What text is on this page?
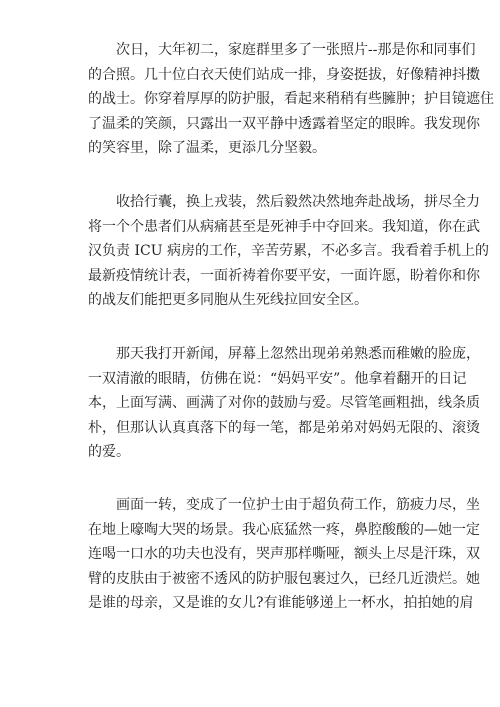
次日，大年初二，家庭群里多了一张照片--那是你和同事们
的合照。几十位白衣天使们站成一排，身姿挺拔，好像精神抖擞
的战士。你穿着厚厚的防护服，看起来稍稍有些臃肿；护目镜遮住
了温柔的笑颜，只露出一双平静中透露着坚定的眼眸。我发现你
的笑容里，除了温柔，更添几分坚毅。
收拾行囊，换上戎装，然后毅然决然地奔赴战场，拼尽全力
将一个个患者们从病痛甚至是死神手中夺回来。我知道，你在武
汉负责 ICU 病房的工作，辛苦劳累，不必多言。我看着手机上的
最新疫情统计表，一面祈祷着你要平安，一面许愿，盼着你和你
的战友们能把更多同胞从生死线拉回安全区。
那天我打开新闻，屏幕上忽然出现弟弟熟悉而稚嫩的脸庞，
一双清澈的眼睛，仿佛在说：“妈妈平安”。他拿着翻开的日记
本，上面写满、画满了对你的鼓励与爱。尽管笔画粗拙，线条质
朴，但那认认真真落下的每一笔，都是弟弟对妈妈无限的、滚烫
的爱。
画面一转，变成了一位护士由于超负荷工作，筋疲力尽，坐
在地上嚎啕大哭的场景。我心底猛然一疼，鼻腔酸酸的—她一定
连喝一口水的功夫也没有，哭声那样嘶哑，额头上尽是汗珠，双
臂的皮肤由于被密不透风的防护服包裹过久，已经几近溃烂。她
是谁的母亲，又是谁的女儿?有谁能够递上一杯水，拍拍她的肩
